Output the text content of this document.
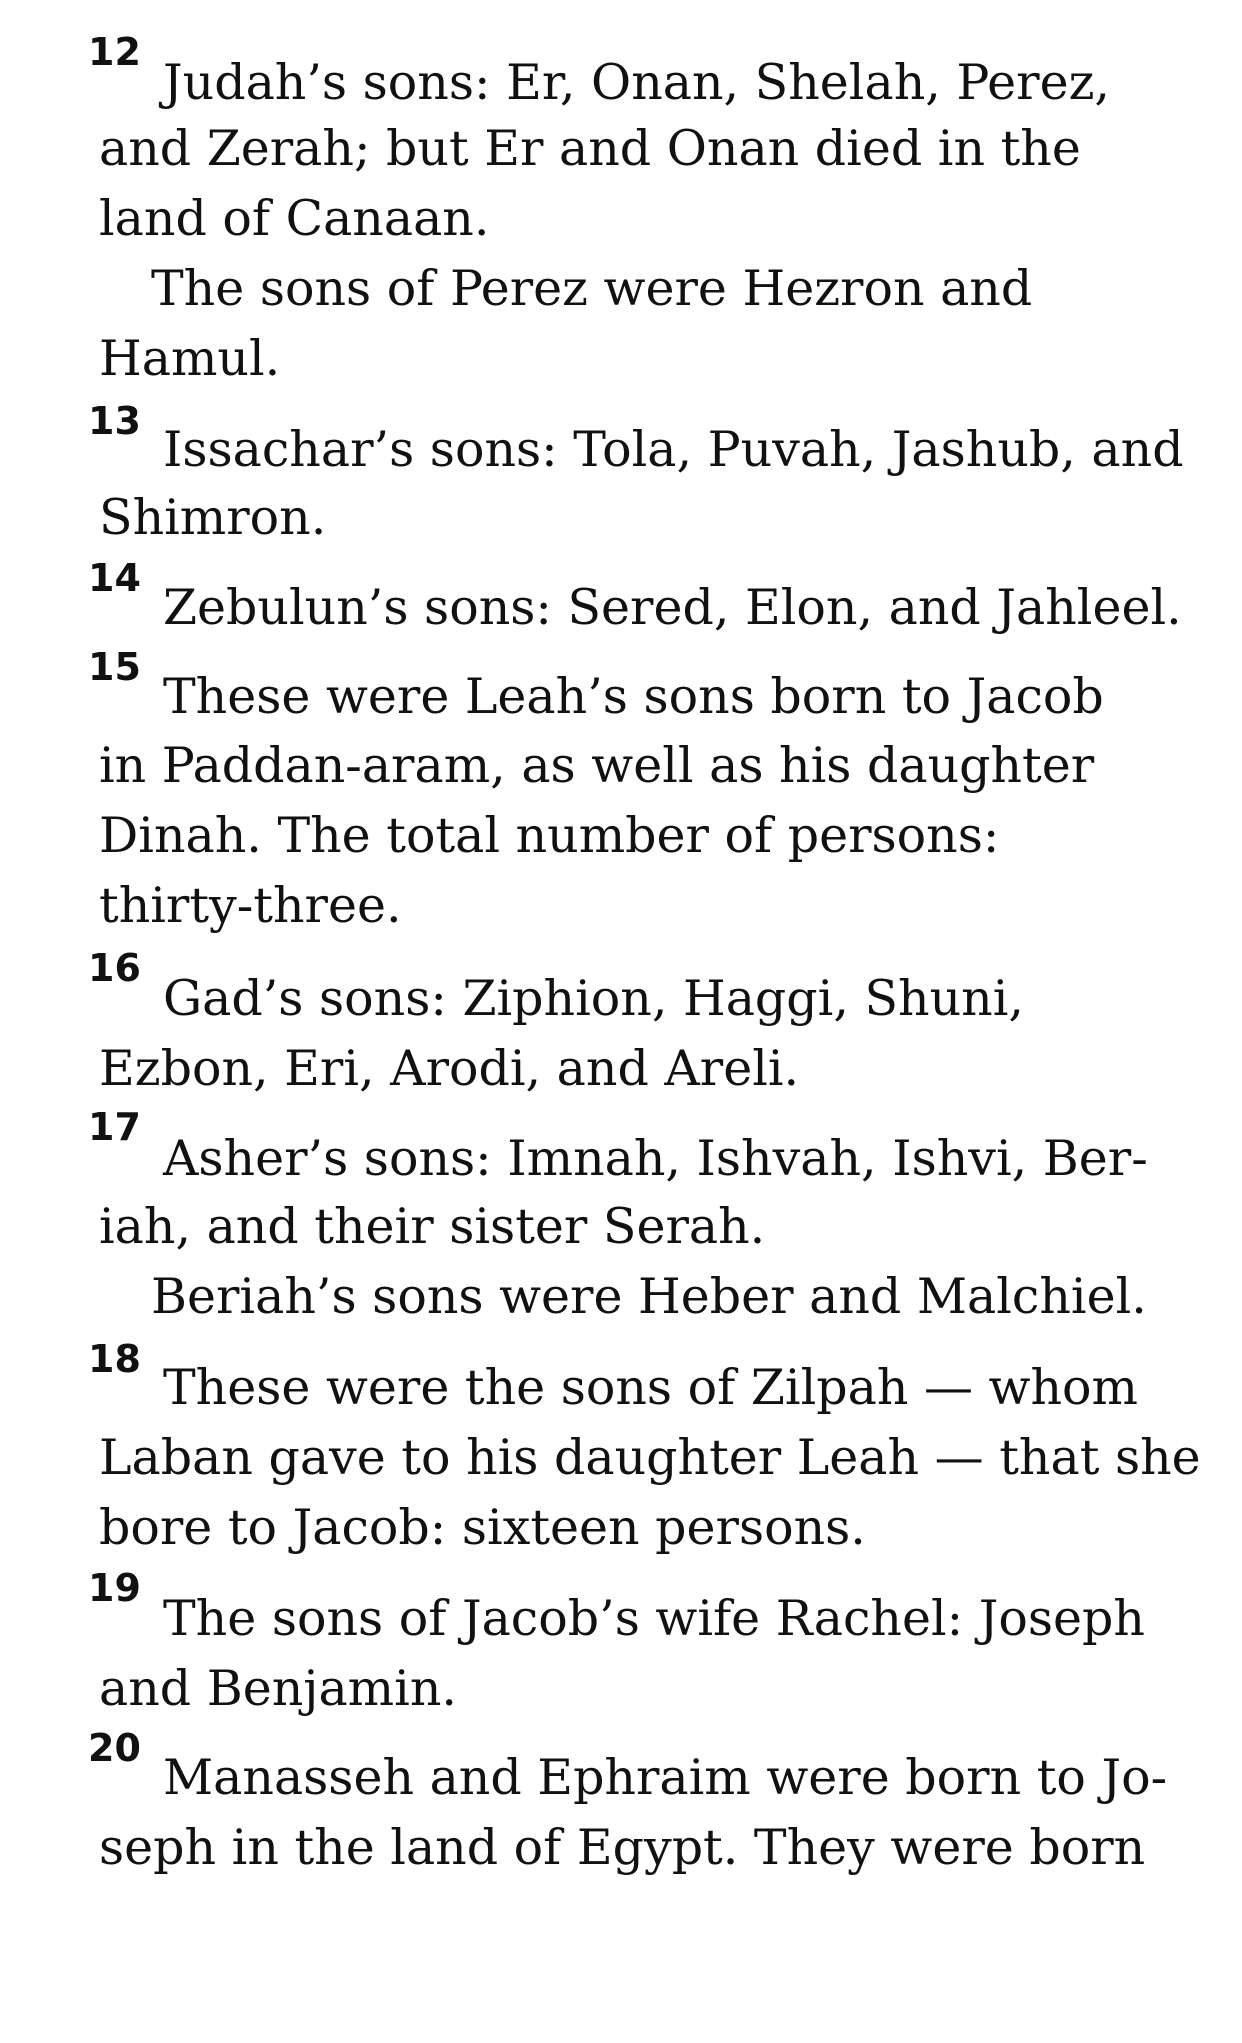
12

Judah’s sons: Er, Onan, Shelah, Perez,

and Zerah; but Er and Onan died in the

land of Canaan.

The sons of Perez were Hezron and

Hamul.

13 Issachar’s sons: Tola, Puvah, Jashub, and

Shimron.

14

Zebulun’s sons: Sered, Elon, and Jahleel.

15

These were Leah’s sons born to Jacob

in Paddan-aram, as well as his daughter

Dinah. The total number of persons:

thirty-three.

16

Gad’s sons: Ziphion, Haggi, Shuni,

Ezbon, Eri, Arodi, and Areli.

17

Asher’s sons: Imnah, Ishvah, Ishvi, Ber-

iah, and their sister Serah.

Beriah’s sons were Heber and Malchiel.

18 These were the sons of Zilpah — whom

Laban gave to his daughter Leah — that she

bore to Jacob: sixteen persons.

19

The sons of Jacob’s wife Rachel: Joseph

and Benjamin.

20

Manasseh and Ephraim were born to Jo-

seph in the land of Egypt. They were born
